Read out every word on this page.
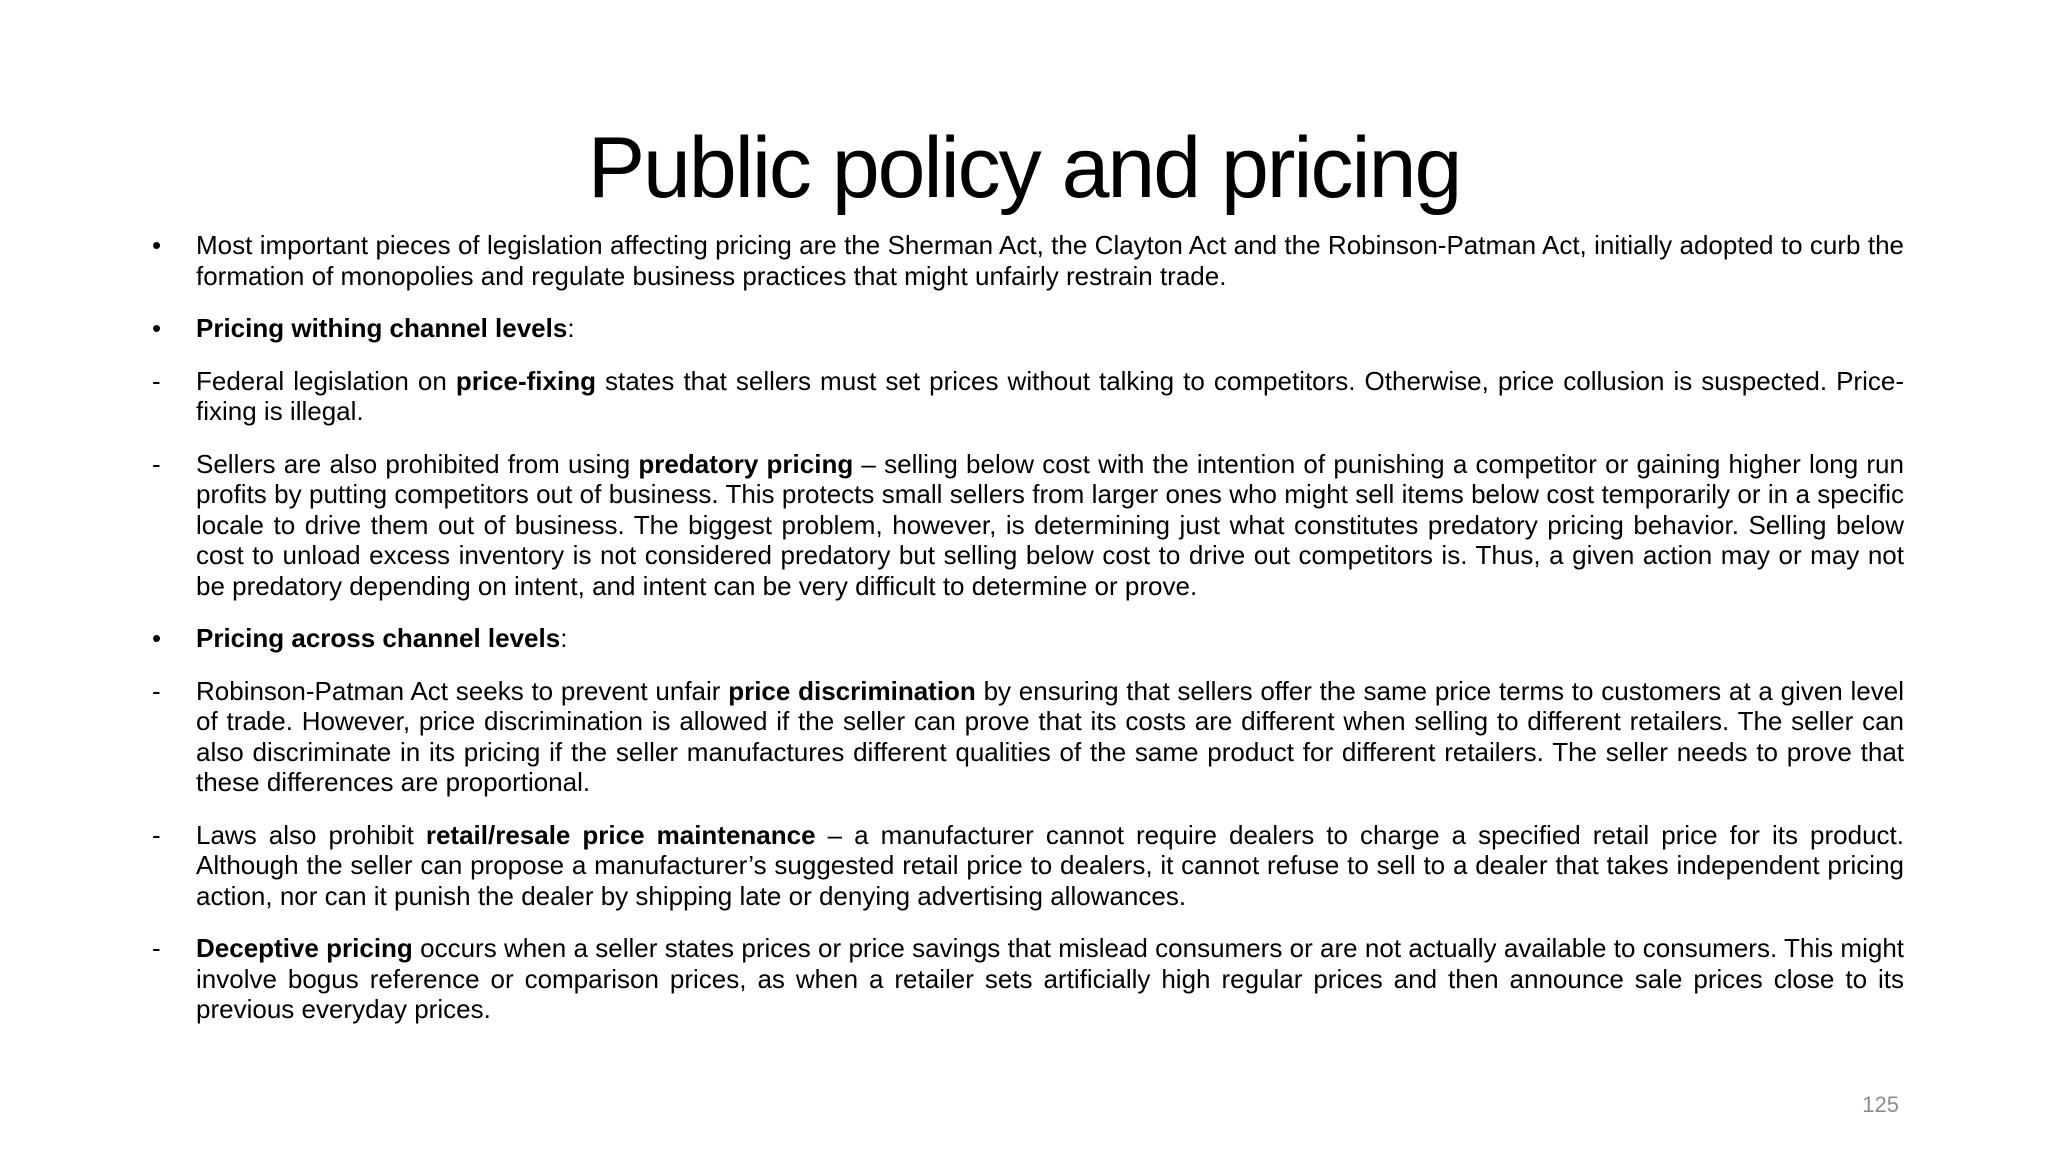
Public policy and pricing
•	Most important pieces of legislation affecting pricing are the Sherman Act, the Clayton Act and the Robinson-Patman Act, initially adopted to curb the formation of monopolies and regulate business practices that might unfairly restrain trade.
•	Pricing withing channel levels:
-	Federal legislation on price-fixing states that sellers must set prices without talking to competitors. Otherwise, price collusion is suspected. Price-fixing is illegal.
-	Sellers are also prohibited from using predatory pricing – selling below cost with the intention of punishing a competitor or gaining higher long run profits by putting competitors out of business. This protects small sellers from larger ones who might sell items below cost temporarily or in a specific locale to drive them out of business. The biggest problem, however, is determining just what constitutes predatory pricing behavior. Selling below cost to unload excess inventory is not considered predatory but selling below cost to drive out competitors is. Thus, a given action may or may not be predatory depending on intent, and intent can be very difficult to determine or prove.
•	Pricing across channel levels:
-	Robinson-Patman Act seeks to prevent unfair price discrimination by ensuring that sellers offer the same price terms to customers at a given level of trade. However, price discrimination is allowed if the seller can prove that its costs are different when selling to different retailers. The seller can also discriminate in its pricing if the seller manufactures different qualities of the same product for different retailers. The seller needs to prove that these differences are proportional.
-	Laws also prohibit retail/resale price maintenance – a manufacturer cannot require dealers to charge a specified retail price for its product. Although the seller can propose a manufacturer’s suggested retail price to dealers, it cannot refuse to sell to a dealer that takes independent pricing action, nor can it punish the dealer by shipping late or denying advertising allowances.
-	Deceptive pricing occurs when a seller states prices or price savings that mislead consumers or are not actually available to consumers. This might involve bogus reference or comparison prices, as when a retailer sets artificially high regular prices and then announce sale prices close to its previous everyday prices.
125
